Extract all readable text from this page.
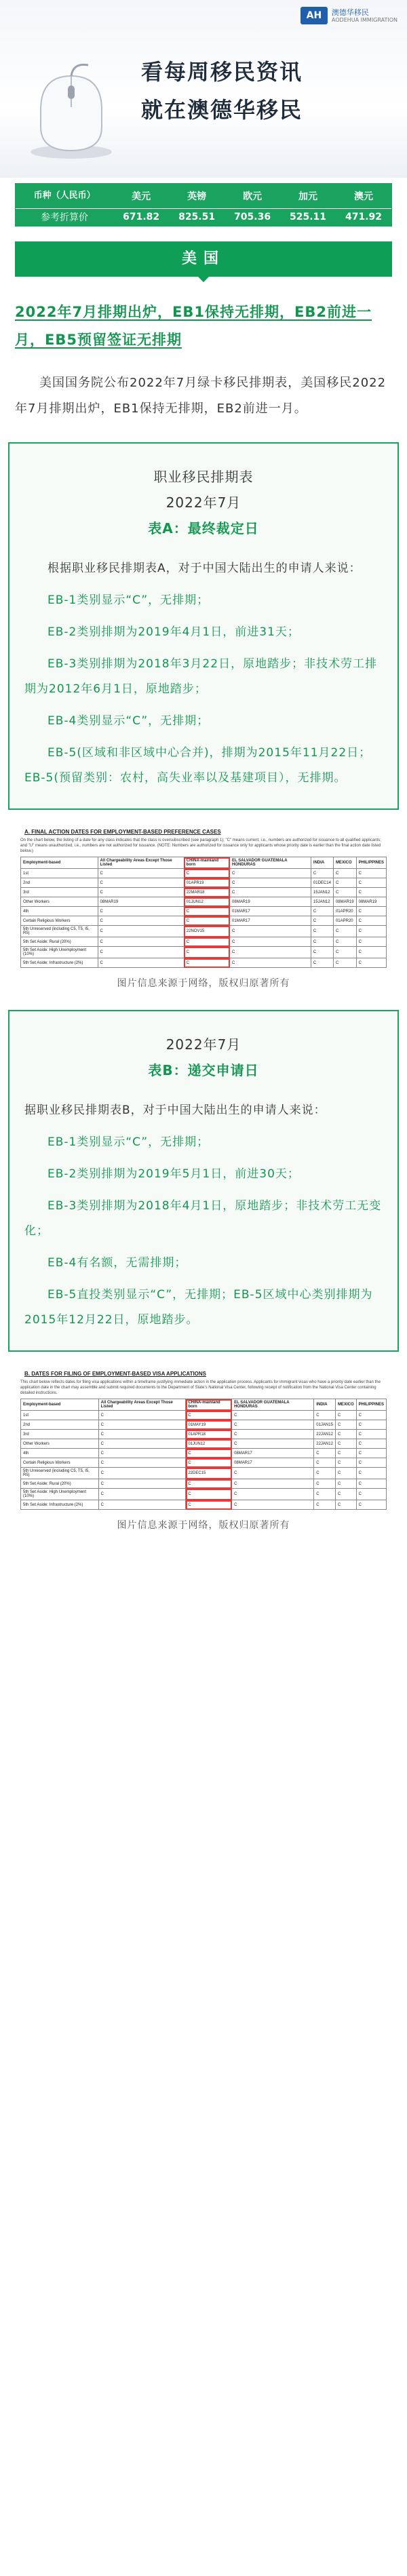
AH	澳德华移民
AODEHUA IMMIGRATION
看每周移民资讯
就在澳德华移民
币种（人民币）	美元	英镑	欧元	加元	澳元
参考折算价	671.82	825.51	705.36	525.11	471.92
美国
2022年7月排期出炉，EB1保持无排期，EB2前进一月，EB5预留签证无排期
美国国务院公布2022年7月绿卡移民排期表，美国移民2022年7月排期出炉，EB1保持无排期，EB2前进一月。
职业移民排期表
2022年7月
表A：最终裁定日

根据职业移民排期表A，对于中国大陆出生的申请人来说：

EB-1类别显示“C”，无排期；

EB-2类别排期为2019年4月1日，前进31天；

EB-3类别排期为2018年3月22日，原地踏步；非技术劳工排期为2012年6月1日，原地踏步；

EB-4类别显示“C”，无排期；

EB-5(区域和非区域中心合并)，排期为2015年11月22日；EB-5(预留类别：农村，高失业率以及基建项目），无排期。

A. FINAL ACTION DATES FOR EMPLOYMENT-BASED PREFERENCE CASES
On the chart below, the listing of a date for any class indicates that the class is oversubscribed (see paragraph 1); "C" means current, i.e., numbers are authorized for issuance to all qualified applicants; and "U" means unauthorized, i.e., numbers are not authorized for issuance. (NOTE: Numbers are authorized for issuance only for applicants whose priority date is earlier than the final action date listed below.)
Employment-based	All Chargeability Areas Except Those Listed	CHINA-mainland born	EL SALVADOR GUATEMALA HONDURAS	INDIA	MEXICO	PHILIPPINES
1st	C	C	C	C	C	C
2nd	C	01APR19	C	01DEC14	C	C
3rd	C	22MAR18	C	15JAN12	C	C
Other Workers	08MAR19	01JUN12	08MAR19	15JAN12	08MAR19	08MAR19
4th	C	C	01MAR17	C	01APR20	C
Certain Religious Workers	C	C	01MAR17	C	01APR20	C
5th Unreserved (including C5, T5, I5, R5)	C	22NOV15	C	C	C	C
5th Set Aside: Rural (20%)	C	C	C	C	C	C
5th Set Aside: High Unemployment (10%)	C	C	C	C	C	C
5th Set Aside: Infrastructure (2%)	C	C	C	C	C	C
图片信息来源于网络，版权归原著所有
2022年7月
表B：递交申请日

据职业移民排期表B，对于中国大陆出生的申请人来说：

EB-1类别显示“C”，无排期；

EB-2类别排期为2019年5月1日，前进30天；

EB-3类别排期为2018年4月1日，原地踏步；非技术劳工无变化；

EB-4有名额，无需排期；

EB-5直投类别显示“C”，无排期；EB-5区域中心类别排期为2015年12月22日，原地踏步。

B. DATES FOR FILING OF EMPLOYMENT-BASED VISA APPLICATIONS
This chart below reflects dates for filing visa applications within a timeframe justifying immediate action in the application process. Applicants for immigrant visas who have a priority date earlier than the application date in the chart may assemble and submit required documents to the Department of State's National Visa Center, following receipt of notification from the National Visa Center containing detailed instructions.
Employment-based	All Chargeability Areas Except Those Listed	CHINA-mainland born	EL SALVADOR GUATEMALA HONDURAS	INDIA	MEXICO	PHILIPPINES
1st	C	C	C	C	C	C
2nd	C	01MAY19	C	01JAN15	C	C
3rd	C	01APR18	C	22JAN12	C	C
Other Workers	C	01JUN12	C	22JAN12	C	C
4th	C	C	08MAR17	C	C	C
Certain Religious Workers	C	C	08MAR17	C	C	C
5th Unreserved (including C5, T5, I5, R5)	C	22DEC15	C	C	C	C
5th Set Aside: Rural (20%)	C	C	C	C	C	C
5th Set Aside: High Unemployment (10%)	C	C	C	C	C	C
5th Set Aside: Infrastructure (2%)	C	C	C	C	C	C
图片信息来源于网络，版权归原著所有
